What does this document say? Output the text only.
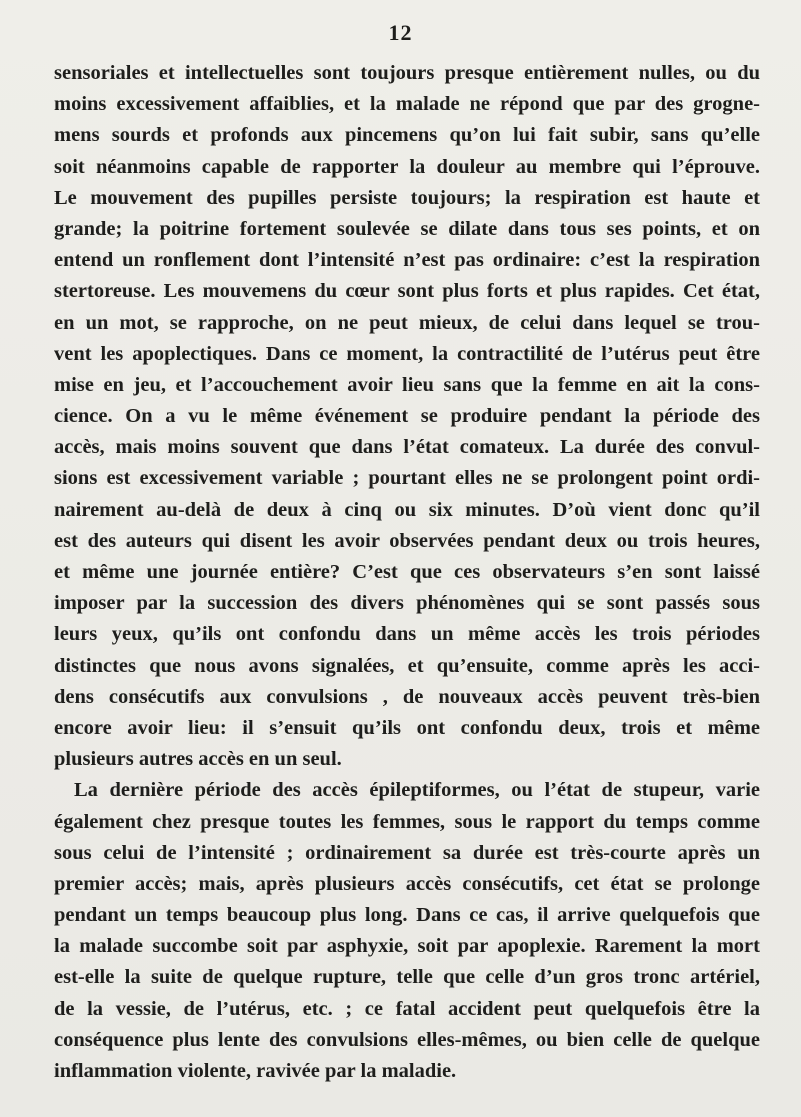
12
sensoriales et intellectuelles sont toujours presque entièrement nulles, ou du
moins excessivement affaiblies, et la malade ne répond que par des grogne-
mens sourds et profonds aux pincemens qu’on lui fait subir, sans qu’elle
soit néanmoins capable de rapporter la douleur au membre qui l’éprouve.
Le mouvement des pupilles persiste toujours; la respiration est haute et
grande; la poitrine fortement soulevée se dilate dans tous ses points, et on
entend un ronflement dont l’intensité n’est pas ordinaire: c’est la respiration
stertoreuse. Les mouvemens du cœur sont plus forts et plus rapides. Cet état,
en un mot, se rapproche, on ne peut mieux, de celui dans lequel se trou-
vent les apoplectiques. Dans ce moment, la contractilité de l’utérus peut être
mise en jeu, et l’accouchement avoir lieu sans que la femme en ait la cons-
cience. On a vu le même événement se produire pendant la période des
accès, mais moins souvent que dans l’état comateux. La durée des convul-
sions est excessivement variable ; pourtant elles ne se prolongent point ordi-
nairement au-delà de deux à cinq ou six minutes. D’où vient donc qu’il
est des auteurs qui disent les avoir observées pendant deux ou trois heures,
et même une journée entière? C’est que ces observateurs s’en sont laissé
imposer par la succession des divers phénomènes qui se sont passés sous
leurs yeux, qu’ils ont confondu dans un même accès les trois périodes
distinctes que nous avons signalées, et qu’ensuite, comme après les acci-
dens consécutifs aux convulsions , de nouveaux accès peuvent très-bien
encore avoir lieu: il s’ensuit qu’ils ont confondu deux, trois et même
plusieurs autres accès en un seul.
La dernière période des accès épileptiformes, ou l’état de stupeur, varie
également chez presque toutes les femmes, sous le rapport du temps comme
sous celui de l’intensité ; ordinairement sa durée est très-courte après un
premier accès; mais, après plusieurs accès consécutifs, cet état se prolonge
pendant un temps beaucoup plus long. Dans ce cas, il arrive quelquefois que
la malade succombe soit par asphyxie, soit par apoplexie. Rarement la mort
est-elle la suite de quelque rupture, telle que celle d’un gros tronc artériel,
de la vessie, de l’utérus, etc. ; ce fatal accident peut quelquefois être la
conséquence plus lente des convulsions elles-mêmes, ou bien celle de quelque
inflammation violente, ravivée par la maladie.
